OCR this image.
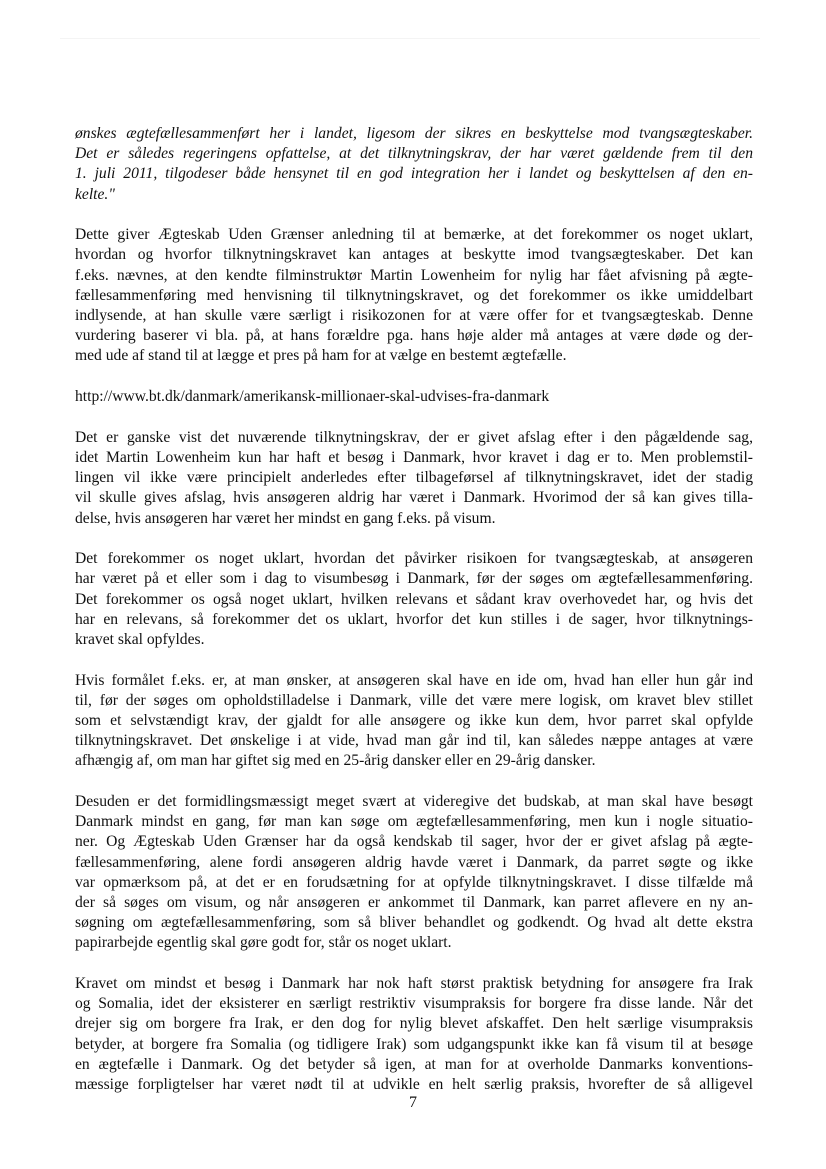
ønskes ægtefællesammenført her i landet, ligesom der sikres en beskyttelse mod tvangsægteskaber.
Det er således regeringens opfattelse, at det tilknytningskrav, der har været gældende frem til den
1. juli 2011, tilgodeser både hensynet til en god integration her i landet og beskyttelsen af den en-
kelte."
Dette giver Ægteskab Uden Grænser anledning til at bemærke, at det forekommer os noget uklart,
hvordan og hvorfor tilknytningskravet kan antages at beskytte imod tvangsægteskaber. Det kan
f.eks. nævnes, at den kendte filminstruktør Martin Lowenheim for nylig har fået afvisning på ægte-
fællesammenføring med henvisning til tilknytningskravet, og det forekommer os ikke umiddelbart
indlysende, at han skulle være særligt i risikozonen for at være offer for et tvangsægteskab. Denne
vurdering baserer vi bla. på, at hans forældre pga. hans høje alder må antages at være døde og der-
med ude af stand til at lægge et pres på ham for at vælge en bestemt ægtefælle.
http://www.bt.dk/danmark/amerikansk-millionaer-skal-udvises-fra-danmark
Det er ganske vist det nuværende tilknytningskrav, der er givet afslag efter i den pågældende sag,
idet Martin Lowenheim kun har haft et besøg i Danmark, hvor kravet i dag er to. Men problemstil-
lingen vil ikke være principielt anderledes efter tilbageførsel af tilknytningskravet, idet der stadig
vil skulle gives afslag, hvis ansøgeren aldrig har været i Danmark. Hvorimod der så kan gives tilla-
delse, hvis ansøgeren har været her mindst en gang f.eks. på visum.
Det forekommer os noget uklart, hvordan det påvirker risikoen for tvangsægteskab, at ansøgeren
har været på et eller som i dag to visumbesøg i Danmark, før der søges om ægtefællesammenføring.
Det forekommer os også noget uklart, hvilken relevans et sådant krav overhovedet har, og hvis det
har en relevans, så forekommer det os uklart, hvorfor det kun stilles i de sager, hvor tilknytnings-
kravet skal opfyldes.
Hvis formålet f.eks. er, at man ønsker, at ansøgeren skal have en ide om, hvad han eller hun går ind
til, før der søges om opholdstilladelse i Danmark, ville det være mere logisk, om kravet blev stillet
som et selvstændigt krav, der gjaldt for alle ansøgere og ikke kun dem, hvor parret skal opfylde
tilknytningskravet. Det ønskelige i at vide, hvad man går ind til, kan således næppe antages at være
afhængig af, om man har giftet sig med en 25-årig dansker eller en 29-årig dansker.
Desuden er det formidlingsmæssigt meget svært at videregive det budskab, at man skal have besøgt
Danmark mindst en gang, før man kan søge om ægtefællesammenføring, men kun i nogle situatio-
ner. Og Ægteskab Uden Grænser har da også kendskab til sager, hvor der er givet afslag på ægte-
fællesammenføring, alene fordi ansøgeren aldrig havde været i Danmark, da parret søgte og ikke
var opmærksom på, at det er en forudsætning for at opfylde tilknytningskravet. I disse tilfælde må
der så søges om visum, og når ansøgeren er ankommet til Danmark, kan parret aflevere en ny an-
søgning om ægtefællesammenføring, som så bliver behandlet og godkendt. Og hvad alt dette ekstra
papirarbejde egentlig skal gøre godt for, står os noget uklart.
Kravet om mindst et besøg i Danmark har nok haft størst praktisk betydning for ansøgere fra Irak
og Somalia, idet der eksisterer en særligt restriktiv visumpraksis for borgere fra disse lande. Når det
drejer sig om borgere fra Irak, er den dog for nylig blevet afskaffet. Den helt særlige visumpraksis
betyder, at borgere fra Somalia (og tidligere Irak) som udgangspunkt ikke kan få visum til at besøge
en ægtefælle i Danmark. Og det betyder så igen, at man for at overholde Danmarks konventions-
mæssige forpligtelser har været nødt til at udvikle en helt særlig praksis, hvorefter de så alligevel
7
